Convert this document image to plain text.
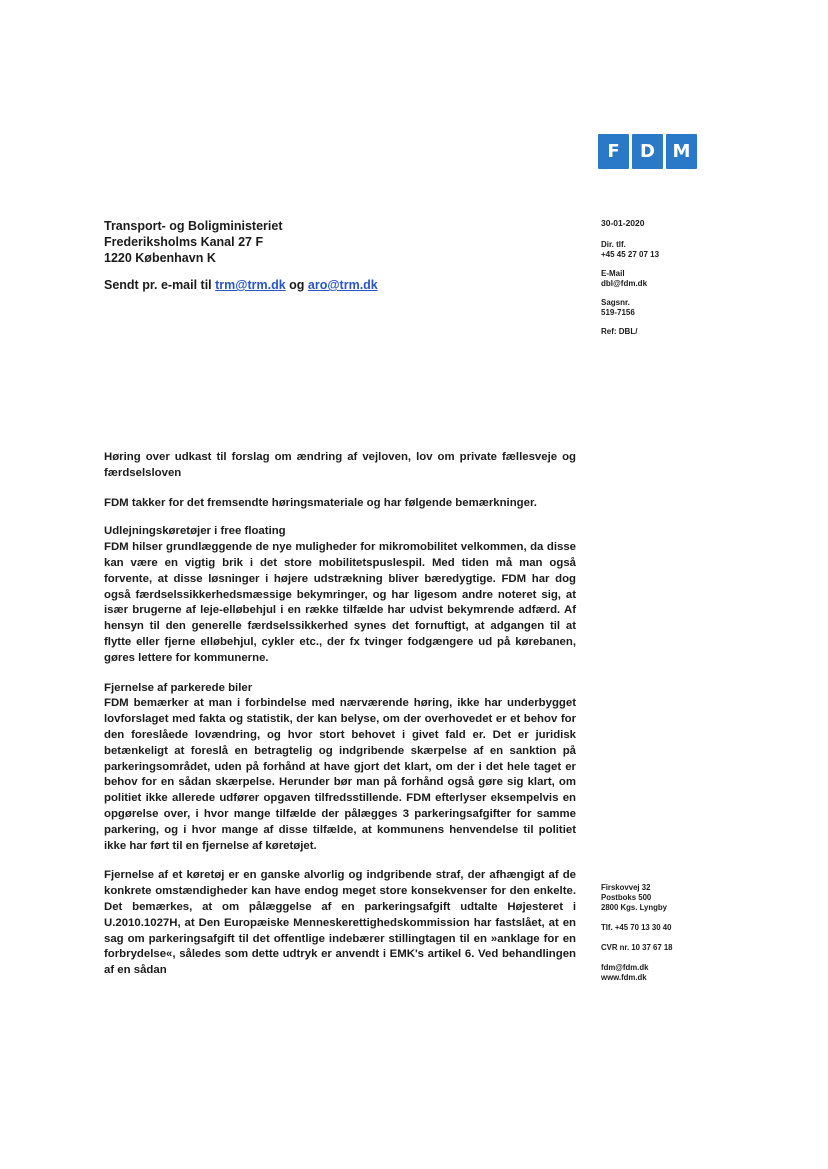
F	D M
Transport- og Boligministeriet
Frederiksholms Kanal 27 F
1220 København K
Sendt pr. e-mail til trm@trm.dk og aro@trm.dk
30-01-2020
Dir. tlf.
+45 45 27 07 13
E-Mail
dbl@fdm.dk
Sagsnr.
519-7156
Ref: DBL/
Høring over udkast til forslag om ændring af vejloven, lov om private fællesveje og færdselsloven

FDM takker for det fremsendte høringsmateriale og har følgende bemærkninger.

Udlejningskøretøjer i free floating
FDM hilser grundlæggende de nye muligheder for mikromobilitet velkommen, da disse kan være en vigtig brik i det store mobilitetspuslespil. Med tiden må man også forvente, at disse løsninger i højere udstrækning bliver bæredygtige. FDM har dog også færdselssikkerhedsmæssige bekymringer, og har ligesom andre noteret sig, at især brugerne af leje-elløbehjul i en række tilfælde har udvist bekymrende adfærd. Af hensyn til den generelle færdselssikkerhed synes det fornuftigt, at adgangen til at flytte eller fjerne elløbehjul, cykler etc., der fx tvinger fodgængere ud på kørebanen, gøres lettere for kommunerne.
Fjernelse af parkerede biler
FDM bemærker at man i forbindelse med nærværende høring, ikke har underbygget lovforslaget med fakta og statistik, der kan belyse, om der overhovedet er et behov for den foreslåede lovændring, og hvor stort behovet i givet fald er. Det er juridisk betænkeligt at foreslå en betragtelig og indgribende skærpelse af en sanktion på parkeringsområdet, uden på forhånd at have gjort det klart, om der i det hele taget er behov for en sådan skærpelse. Herunder bør man på forhånd også gøre sig klart, om politiet ikke allerede udfører opgaven tilfredsstillende. FDM efterlyser eksempelvis en opgørelse over, i hvor mange tilfælde der pålægges 3 parkeringsafgifter for samme parkering, og i hvor mange af disse tilfælde, at kommunens henvendelse til politiet ikke har ført til en fjernelse af køretøjet.

Fjernelse af et køretøj er en ganske alvorlig og indgribende straf, der afhængigt af de konkrete omstændigheder kan have endog meget store konsekvenser for den enkelte. Det bemærkes, at om pålæggelse af en parkeringsafgift udtalte Højesteret i U.2010.1027H, at Den Europæiske Menneskerettighedskommission har fastslået, at en sag om parkeringsafgift til det offentlige indebærer stillingtagen til en »anklage for en forbrydelse«, således som dette udtryk er anvendt i EMK's artikel 6. Ved behandlingen af en sådan

Firskovvej 32
Postboks 500
2800 Kgs. Lyngby
Tlf. +45 70 13 30 40
CVR nr. 10 37 67 18
fdm@fdm.dk
www.fdm.dk
